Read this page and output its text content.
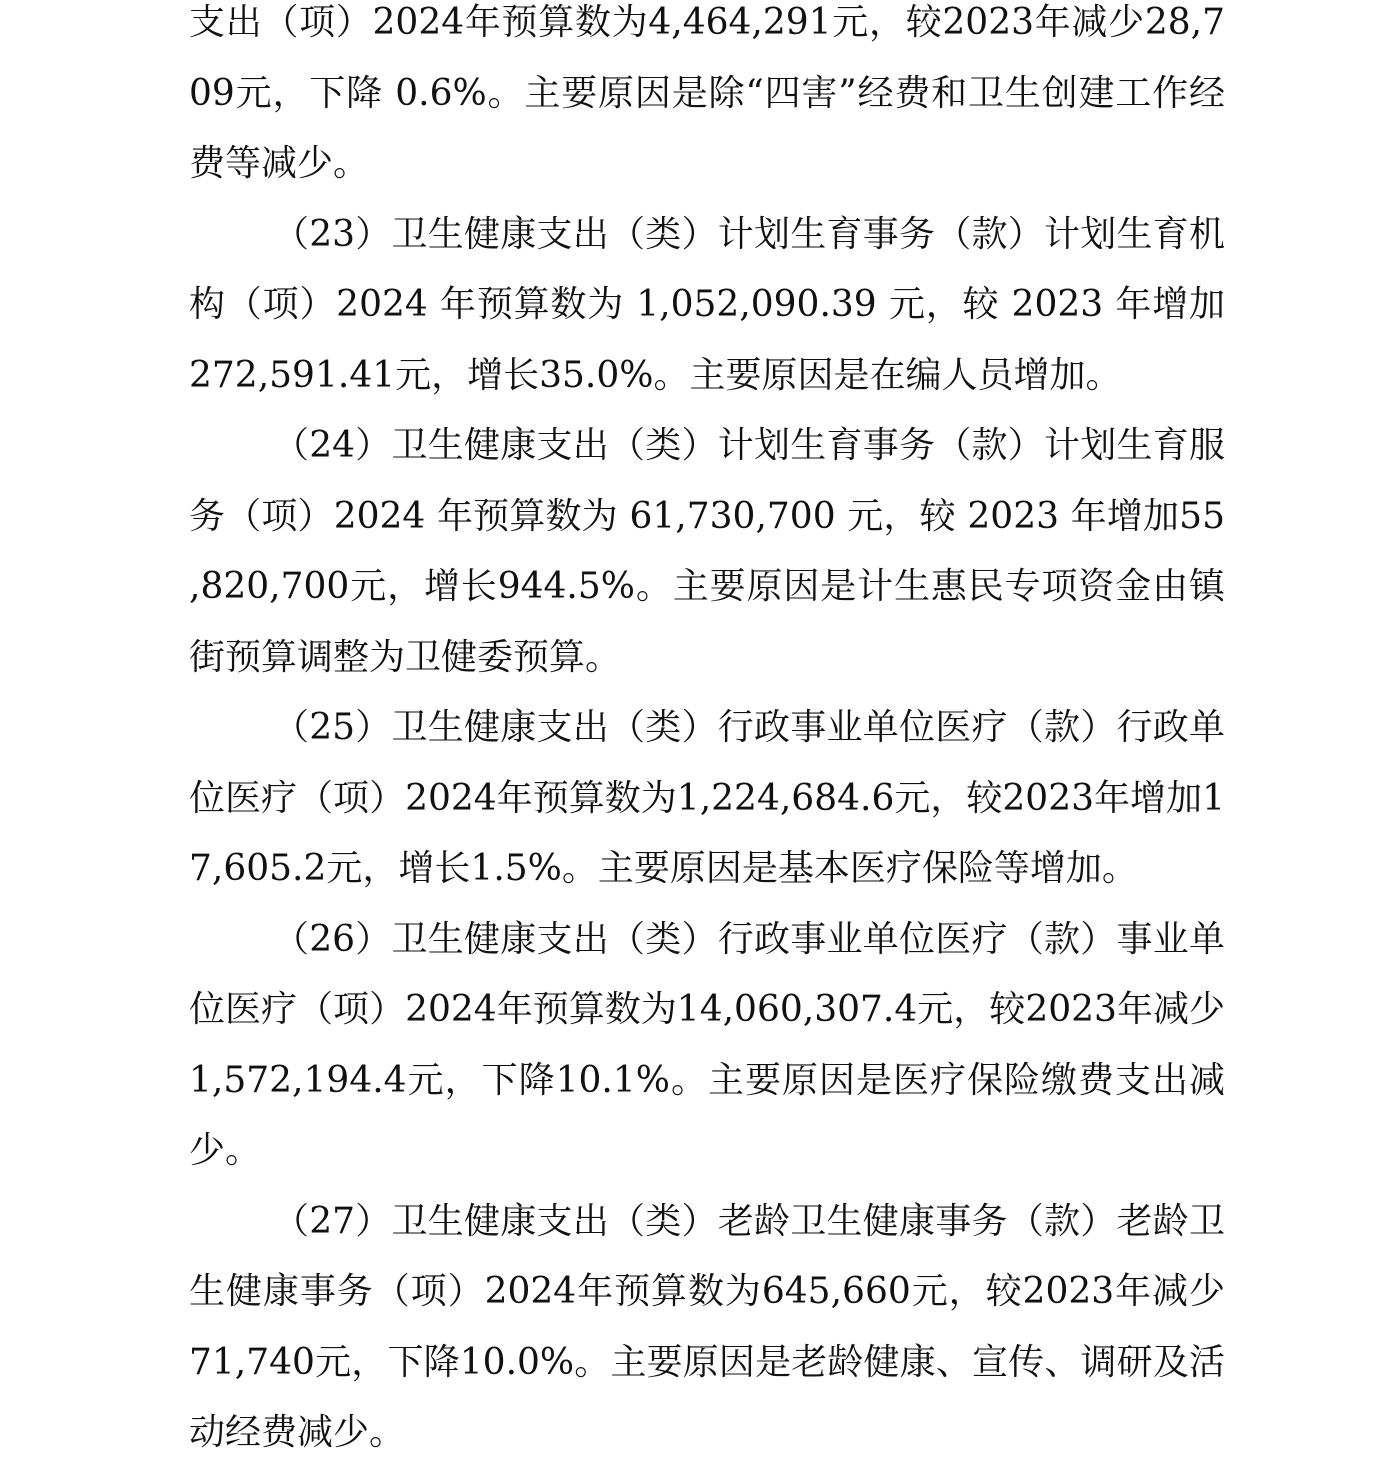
支出（项）2024年预算数为4,464,291元，较2023年减少28,709元，下降 0.6%。主要原因是除“四害”经费和卫生创建工作经费等减少。

（23）卫生健康支出（类）计划生育事务（款）计划生育机构（项）2024 年预算数为 1,052,090.39 元，较 2023 年增加272,591.41元，增长35.0%。主要原因是在编人员增加。

（24）卫生健康支出（类）计划生育事务（款）计划生育服务（项）2024 年预算数为 61,730,700 元，较 2023 年增加55,820,700元，增长944.5%。主要原因是计生惠民专项资金由镇街预算调整为卫健委预算。

（25）卫生健康支出（类）行政事业单位医疗（款）行政单位医疗（项）2024年预算数为1,224,684.6元，较2023年增加17,605.2元，增长1.5%。主要原因是基本医疗保险等增加。

（26）卫生健康支出（类）行政事业单位医疗（款）事业单位医疗（项）2024年预算数为14,060,307.4元，较2023年减少1,572,194.4元，下降10.1%。主要原因是医疗保险缴费支出减少。

（27）卫生健康支出（类）老龄卫生健康事务（款）老龄卫生健康事务（项）2024年预算数为645,660元，较2023年减少71,740元，下降10.0%。主要原因是老龄健康、宣传、调研及活动经费减少。
